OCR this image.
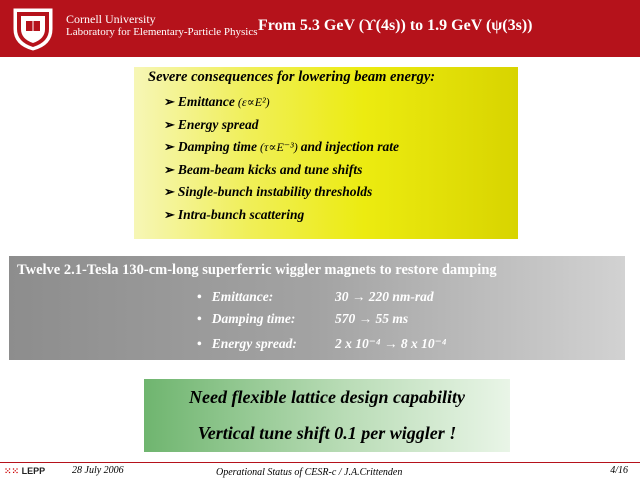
Cornell University
Laboratory for Elementary-Particle Physics From 5.3 GeV (ϒ(4s)) to 1.9 GeV (ψ(3s))
Severe consequences for lowering beam energy:
➢ Emittance (ε∝E²)
➢ Energy spread
➢ Damping time (τ∝E⁻³) and injection rate
➢ Beam-beam kicks and tune shifts
➢ Single-bunch instability thresholds
➢ Intra-bunch scattering
Twelve 2.1-Tesla 130-cm-long superferric wiggler magnets to restore damping
• Emittance:	30 → 220 nm-rad
• Damping time:	570 → 55 ms
• Energy spread:	2 x 10⁻⁴ → 8 x 10⁻⁴
Need flexible lattice design capability
Vertical tune shift 0.1 per wiggler !
⁙⁙ LEPP	28 July 2006	Operational Status of CESR-c / J.A.Crittenden	4/16
